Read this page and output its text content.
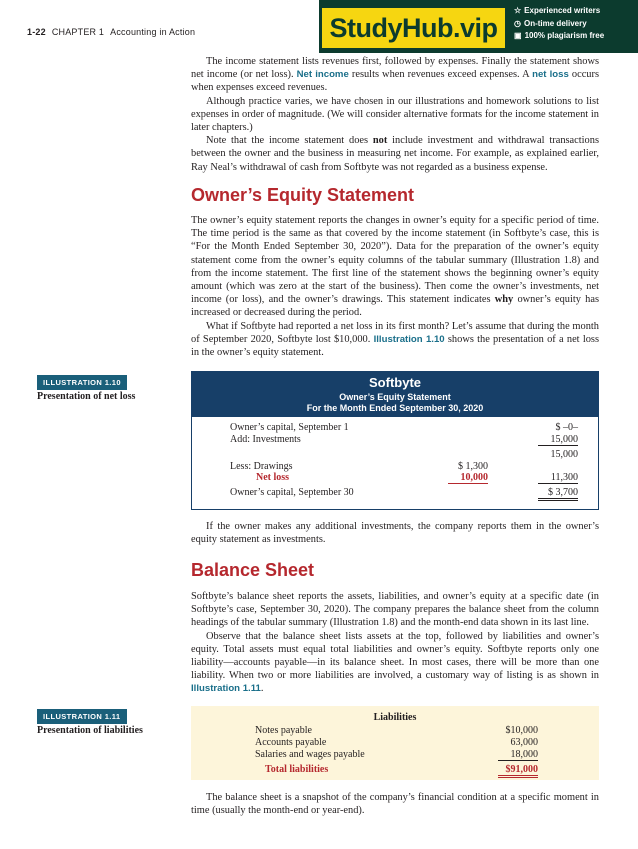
1-22 CHAPTER 1 Accounting in Action	StudyHub.vip
☆ Experienced writers
◷ On-time delivery
▣ 100% plagiarism free

The income statement lists revenues first, followed by expenses. Finally the statement shows net income (or net loss). Net income results when revenues exceed expenses. A net loss occurs when expenses exceed revenues.

Although practice varies, we have chosen in our illustrations and homework solutions to list expenses in order of magnitude. (We will consider alternative formats for the income statement in later chapters.)

Note that the income statement does not include investment and withdrawal transactions between the owner and the business in measuring net income. For example, as explained earlier, Ray Neal’s withdrawal of cash from Softbyte was not regarded as a business expense.

Owner’s Equity Statement

The owner’s equity statement reports the changes in owner’s equity for a specific period of time. The time period is the same as that covered by the income statement (in Softbyte’s case, this is “For the Month Ended September 30, 2020”). Data for the preparation of the owner’s equity statement come from the owner’s equity columns of the tabular summary (Illustration 1.8) and from the income statement. The first line of the statement shows the beginning owner’s equity amount (which was zero at the start of the business). Then come the owner’s investments, net income (or loss), and the owner’s drawings. This statement indicates why owner’s equity has increased or decreased during the period.

What if Softbyte had reported a net loss in its first month? Let’s assume that during the month of September 2020, Softbyte lost $10,000. Illustration 1.10 shows the presentation of a net loss in the owner’s equity statement.

ILLUSTRATION 1.10
Presentation of net loss
Softbyte
Owner’s Equity Statement
For the Month Ended September 30, 2020
Owner’s capital, September 1	$ –0–
Add: Investments	15,000
15,000
Less: Drawings	$ 1,300
Net loss	10,000	11,300
Owner’s capital, September 30	$ 3,700

If the owner makes any additional investments, the company reports them in the owner’s equity statement as investments.

Balance Sheet

Softbyte’s balance sheet reports the assets, liabilities, and owner’s equity at a specific date (in Softbyte’s case, September 30, 2020). The company prepares the balance sheet from the column headings of the tabular summary (Illustration 1.8) and the month-end data shown in its last line.

Observe that the balance sheet lists assets at the top, followed by liabilities and owner’s equity. Total assets must equal total liabilities and owner’s equity. Softbyte reports only one liability—accounts payable—in its balance sheet. In most cases, there will be more than one liability. When two or more liabilities are involved, a customary way of listing is as shown in Illustration 1.11.

ILLUSTRATION 1.11
Presentation of liabilities
Liabilities
Notes payable	$10,000
Accounts payable	63,000
Salaries and wages payable	18,000
Total liabilities	$91,000

The balance sheet is a snapshot of the company’s financial condition at a specific moment in time (usually the month-end or year-end).
